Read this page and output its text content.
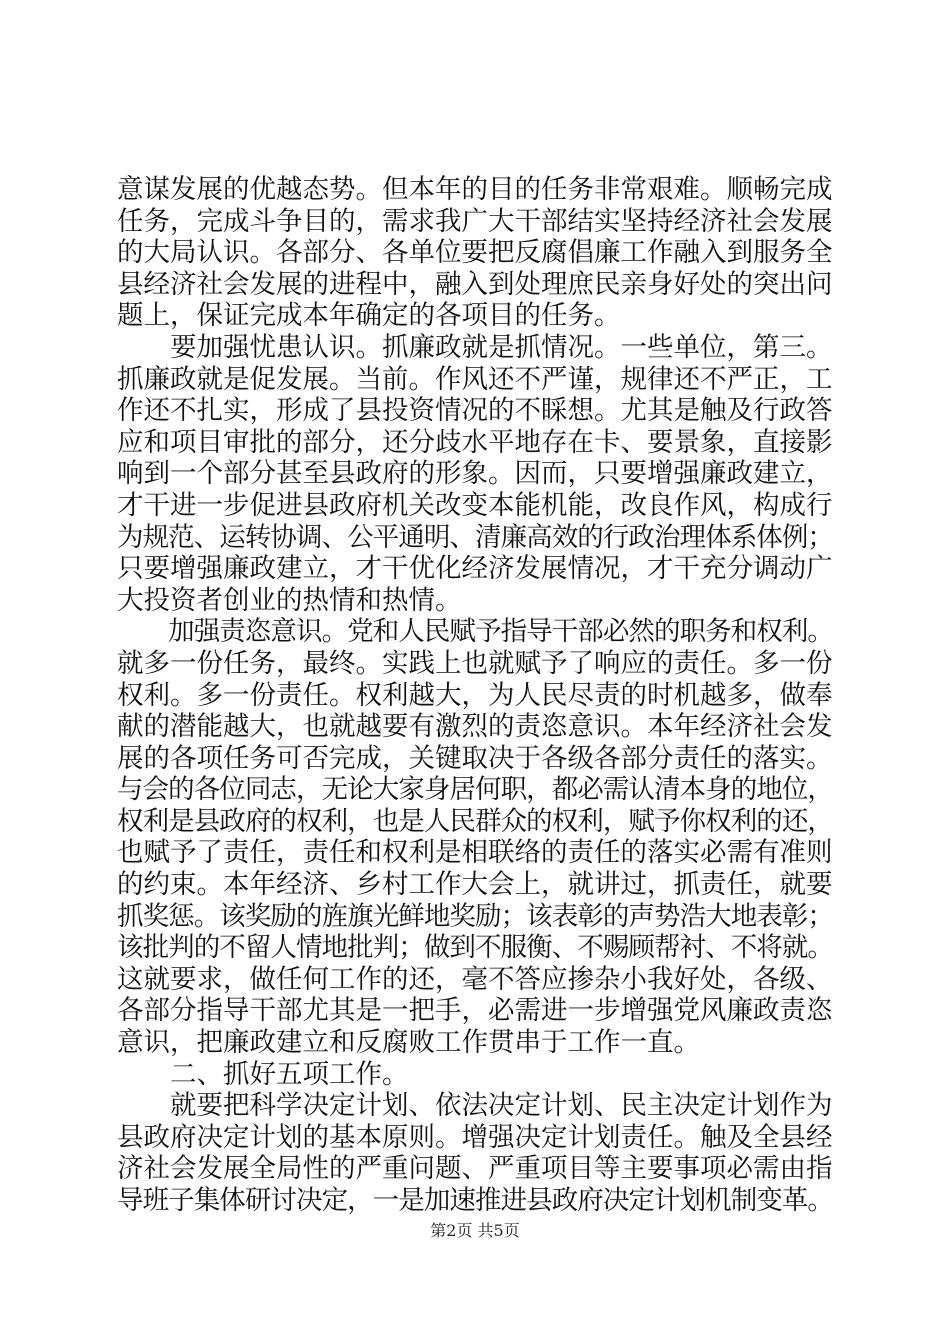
意谋发展的优越态势。但本年的目的任务非常艰难。顺畅完成
任务，完成斗争目的，需求我广大干部结实坚持经济社会发展
的大局认识。各部分、各单位要把反腐倡廉工作融入到服务全
县经济社会发展的进程中，融入到处理庶民亲身好处的突出问
题上，保证完成本年确定的各项目的任务。
　　要加强忧患认识。抓廉政就是抓情况。一些单位，第三。
抓廉政就是促发展。当前。作风还不严谨，规律还不严正，工
作还不扎实，形成了县投资情况的不睬想。尤其是触及行政答
应和项目审批的部分，还分歧水平地存在卡、要景象，直接影
响到一个部分甚至县政府的形象。因而，只要增强廉政建立，
才干进一步促进县政府机关改变本能机能，改良作风，构成行
为规范、运转协调、公平通明、清廉高效的行政治理体系体例；
只要增强廉政建立，才干优化经济发展情况，才干充分调动广
大投资者创业的热情和热情。
　　加强责恣意识。党和人民赋予指导干部必然的职务和权利。
就多一份任务，最终。实践上也就赋予了响应的责任。多一份
权利。多一份责任。权利越大，为人民尽责的时机越多，做奉
献的潜能越大，也就越要有激烈的责恣意识。本年经济社会发
展的各项任务可否完成，关键取决于各级各部分责任的落实。
与会的各位同志，无论大家身居何职，都必需认清本身的地位，
权利是县政府的权利，也是人民群众的权利，赋予你权利的还，
也赋予了责任，责任和权利是相联络的责任的落实必需有准则
的约束。本年经济、乡村工作大会上，就讲过，抓责任，就要
抓奖惩。该奖励的旌旗光鲜地奖励；该表彰的声势浩大地表彰；
该批判的不留人情地批判；做到不服衡、不赐顾帮衬、不将就。
这就要求，做任何工作的还，毫不答应掺杂小我好处，各级、
各部分指导干部尤其是一把手，必需进一步增强党风廉政责恣
意识，把廉政建立和反腐败工作贯串于工作一直。
　　二、抓好五项工作。
　　就要把科学决定计划、依法决定计划、民主决定计划作为
县政府决定计划的基本原则。增强决定计划责任。触及全县经
济社会发展全局性的严重问题、严重项目等主要事项必需由指
导班子集体研讨决定，一是加速推进县政府决定计划机制变革。
第2页 共5页
